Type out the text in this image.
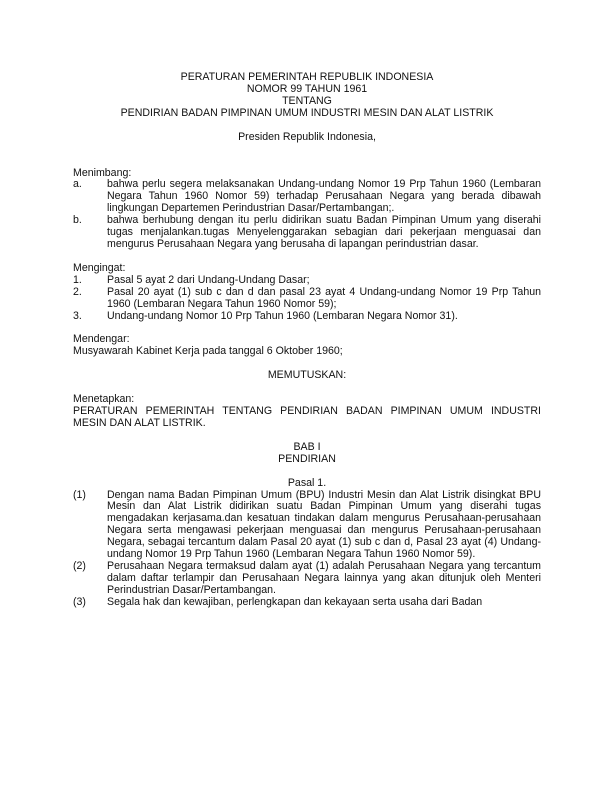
PERATURAN PEMERINTAH REPUBLIK INDONESIA
NOMOR 99 TAHUN 1961
TENTANG
PENDIRIAN BADAN PIMPINAN UMUM INDUSTRI MESIN DAN ALAT LISTRIK
Presiden Republik Indonesia,
Menimbang:
a.	bahwa perlu segera melaksanakan Undang-undang Nomor 19 Prp Tahun 1960 (Lembaran Negara Tahun 1960 Nomor 59) terhadap Perusahaan Negara yang berada dibawah lingkungan Departemen Perindustrian Dasar/Pertambangan;.
b.	bahwa berhubung dengan itu perlu didirikan suatu Badan Pimpinan Umum yang diserahi tugas menjalankan.tugas Menyelenggarakan sebagian dari pekerjaan menguasai dan mengurus Perusahaan Negara yang berusaha di lapangan perindustrian dasar.
Mengingat:
1.	Pasal 5 ayat 2 dari Undang-Undang Dasar;
2.	Pasal 20 ayat (1) sub c dan d dan pasal 23 ayat 4 Undang-undang Nomor 19 Prp Tahun 1960 (Lembaran Negara Tahun 1960 Nomor 59);
3.	Undang-undang Nomor 10 Prp Tahun 1960 (Lembaran Negara Nomor 31).
Mendengar:
Musyawarah Kabinet Kerja pada tanggal 6 Oktober 1960;
MEMUTUSKAN:
Menetapkan:
PERATURAN PEMERINTAH TENTANG PENDIRIAN BADAN PIMPINAN UMUM INDUSTRI MESIN DAN ALAT LISTRIK.
BAB I
PENDIRIAN
Pasal 1.
(1)	Dengan nama Badan Pimpinan Umum (BPU) Industri Mesin dan Alat Listrik disingkat BPU Mesin dan Alat Listrik didirikan suatu Badan Pimpinan Umum yang diserahi tugas mengadakan kerjasama.dan kesatuan tindakan dalam mengurus Perusahaan-perusahaan Negara serta mengawasi pekerjaan menguasai dan mengurus Perusahaan-perusahaan Negara, sebagai tercantum dalam Pasal 20 ayat (1) sub c dan d, Pasal 23 ayat (4) Undang-undang Nomor 19 Prp Tahun 1960 (Lembaran Negara Tahun 1960 Nomor 59).
(2)	Perusahaan Negara termaksud dalam ayat (1) adalah Perusahaan Negara yang tercantum dalam daftar terlampir dan Perusahaan Negara lainnya yang akan ditunjuk oleh Menteri Perindustrian Dasar/Pertambangan.
(3)	Segala hak dan kewajiban, perlengkapan dan kekayaan serta usaha dari Badan
